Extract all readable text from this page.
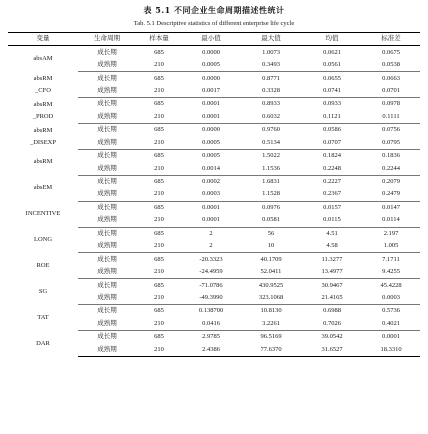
表 5.1 不同企业生命周期描述性统计
Tab. 5.1 Descriptive statistics of different enterprise life cycle
变量	生命周期	样本量	最小值	最大值	均值	标准差
absAM	成长期	685	0.0000	1.0073	0.0621	0.0675
	成熟期	210	0.0005	0.3493	0.0561	0.0538
absRM
_CFO	成长期	685	0.0000	0.8771	0.0655	0.0663
	成熟期	210	0.0017	0.3328	0.0741	0.0701
absRM
_PROD	成长期	685	0.0001	0.8933	0.0933	0.0978
	成熟期	210	0.0001	0.6032	0.1121	0.1111
absRM
_DISEXP	成长期	685	0.0000	0.9760	0.0586	0.0756
	成熟期	210	0.0005	0.5134	0.0707	0.0795
absRM	成长期	685	0.0005	1.5022	0.1824	0.1836
	成熟期	210	0.0014	1.1536	0.2248	0.2244
absEM	成长期	685	0.0002	1.6831	0.2227	0.2079
	成熟期	210	0.0003	1.1528	0.2367	0.2479
INCENTIVE	成长期	685	0.0001	0.0976	0.0157	0.0147
	成熟期	210	0.0001	0.0581	0.0115	0.0114
LONG	成长期	685	2	56	4.51	2.197
	成熟期	210	2	10	4.58	1.005
ROE	成长期	685	-20.3323	40.1709	11.3277	7.1711
	成熟期	210	-24.4959	52.0411	13.4977	9.4255
SG	成长期	685	-71.0786	430.9525	30.9467	45.4228
	成熟期	210	-49.3990	323.1068	21.4165	0.0003
TAT	成长期	685	0.138700	10.8130	0.6988	0.5736
	成熟期	210	0.0416	3.2261	0.7026	0.4021
DAR	成长期	685	2.9785	96.5169	39.0542	0.0001
	成熟期	210	2.4386	77.6370	31.6527	18.3310
